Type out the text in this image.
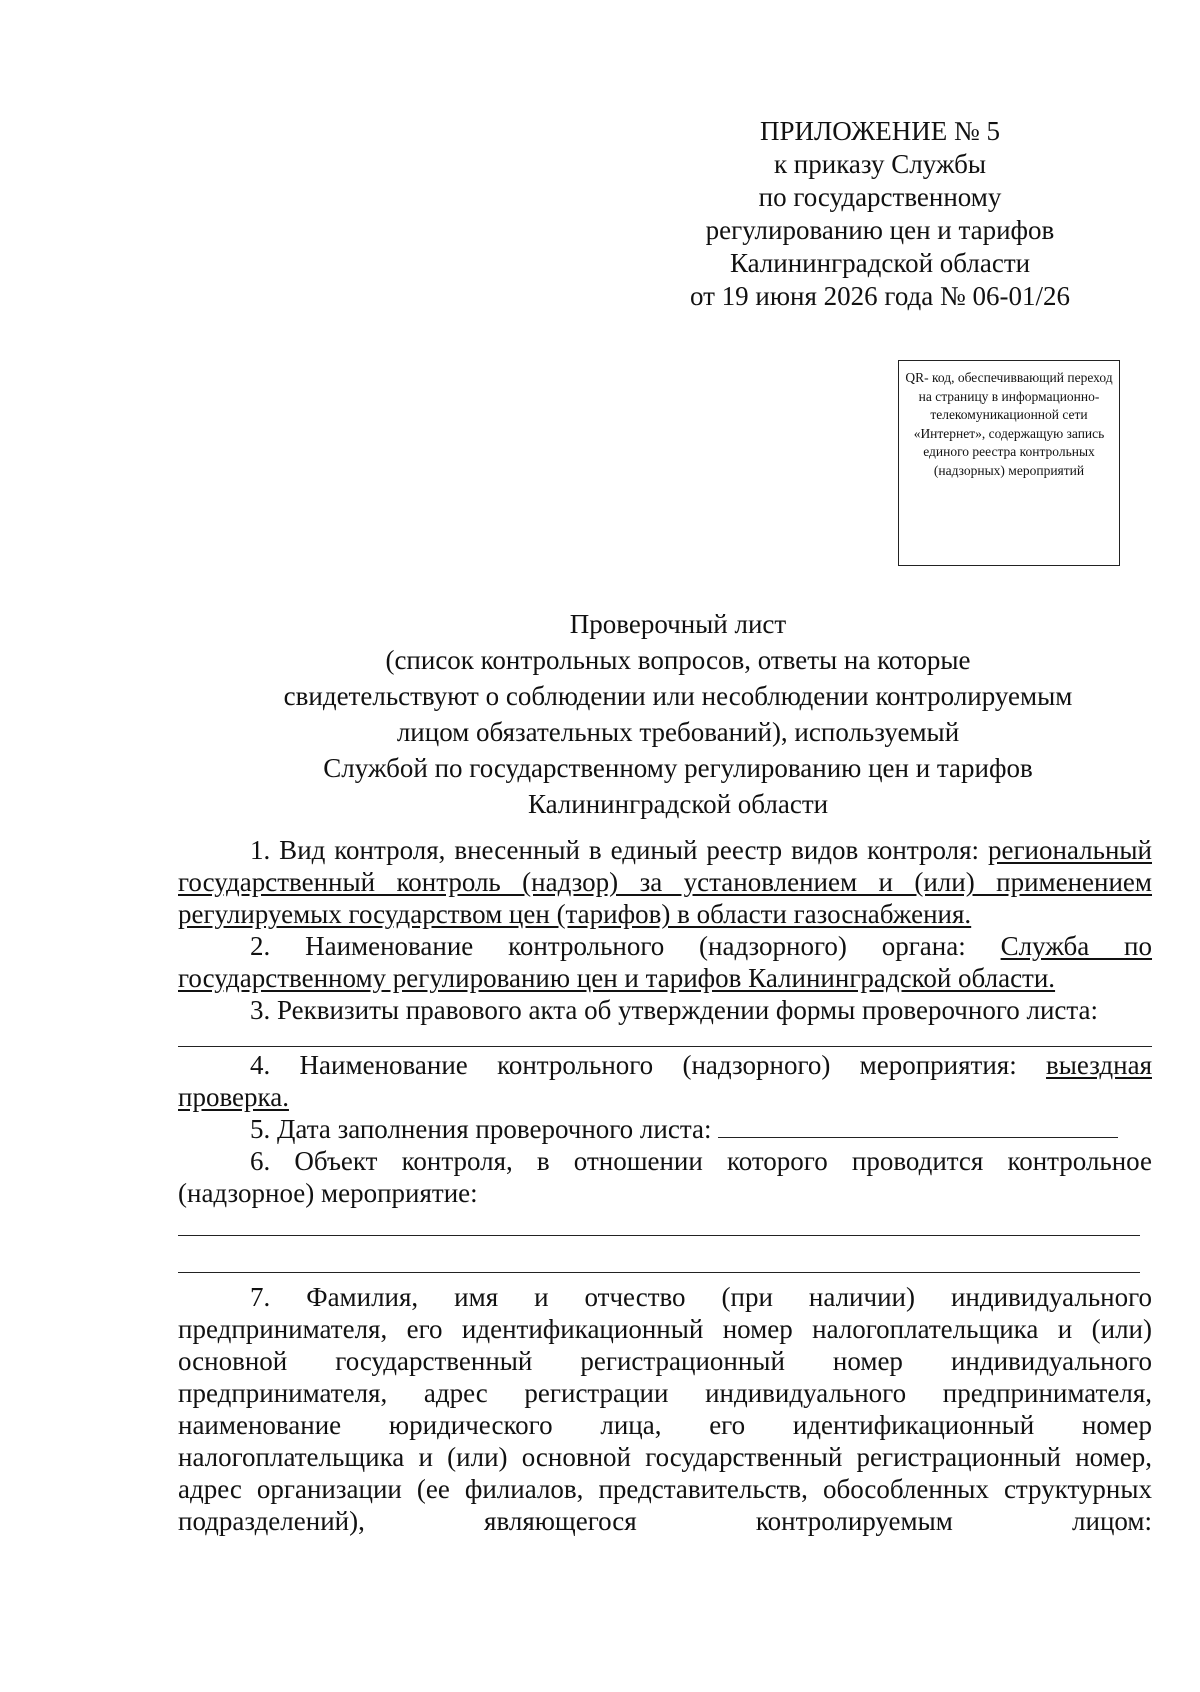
ПРИЛОЖЕНИЕ № 5
к приказу Службы
по государственному
регулированию цен и тарифов
Калининградской области
от 19 июня 2026 года № 06-01/26
QR- код, обеспечиввающий переход на страницу в информационно-телекомуникационной сети «Интернет», содержащую запись единого реестра контрольных (надзорных) мероприятий
Проверочный лист
(список контрольных вопросов, ответы на которые
свидетельствуют о соблюдении или несоблюдении контролируемым
лицом обязательных требований), используемый
Службой по государственному регулированию цен и тарифов
Калининградской области

1. Вид контроля, внесенный в единый реестр видов контроля: региональный государственный контроль (надзор) за установлением и (или) применением регулируемых государством цен (тарифов) в области газоснабжения.

2. Наименование контрольного (надзорного) органа: Служба по государственному регулированию цен и тарифов Калининградской области.

3. Реквизиты правового акта об утверждении формы проверочного листа:

4. Наименование контрольного (надзорного) мероприятия: выездная проверка.

5. Дата заполнения проверочного листа:

6. Объект контроля, в отношении которого проводится контрольное (надзорное) мероприятие:

7. Фамилия, имя и отчество (при наличии) индивидуального предпринимателя, его идентификационный номер налогоплательщика и (или) основной государственный регистрационный номер индивидуального предпринимателя, адрес регистрации индивидуального предпринимателя, наименование юридического лица, его идентификационный номер налогоплательщика и (или) основной государственный регистрационный номер, адрес организации (ее филиалов, представительств, обособленных структурных подразделений), являющегося контролируемым лицом:
